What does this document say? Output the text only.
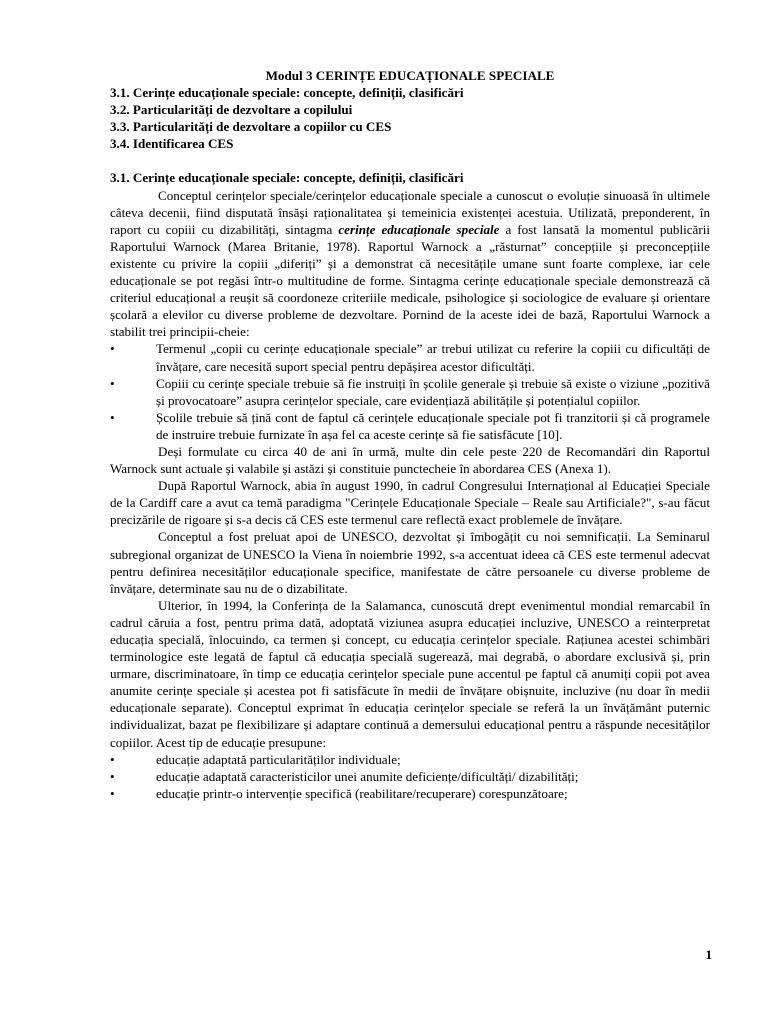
Modul 3 CERINȚE EDUCAȚIONALE SPECIALE

3.1. Cerințe educaționale speciale: concepte, definiții, clasificări

3.2. Particularități de dezvoltare a copilului

3.3. Particularități de dezvoltare a copiilor cu CES

3.4. Identificarea CES

3.1. Cerințe educaționale speciale: concepte, definiții, clasificări

Conceptul cerințelor speciale/cerințelor educaționale speciale a cunoscut o evoluție sinuoasă în ultimele câteva decenii, fiind disputată însăși raționalitatea și temeinicia existenței acestuia. Utilizată, preponderent, în raport cu copiii cu dizabilități, sintagma cerințe educaționale speciale a fost lansată la momentul publicării Raportului Warnock (Marea Britanie, 1978). Raportul Warnock a „răsturnat” concepțiile și preconcepțiile existente cu privire la copiii „diferiți” și a demonstrat că necesitățile umane sunt foarte complexe, iar cele educaționale se pot regăsi într-o multitudine de forme. Sintagma cerințe educaționale speciale demonstrează că criteriul educațional a reușit să coordoneze criteriile medicale, psihologice și sociologice de evaluare și orientare școlară a elevilor cu diverse probleme de dezvoltare. Pornind de la aceste idei de bază, Raportului Warnock a stabilit trei principii-cheie:

•	Termenul „copii cu cerințe educaționale speciale” ar trebui utilizat cu referire la copiii cu dificultăți de învățare, care necesită suport special pentru depășirea acestor dificultăți.
•	Copiii cu cerințe speciale trebuie să fie instruiți în școlile generale și trebuie să existe o viziune „pozitivă și provocatoare” asupra cerințelor speciale, care evidențiază abilitățile și potențialul copiilor.
•	Școlile trebuie să țină cont de faptul că cerințele educaționale speciale pot fi tranzitorii și că programele de instruire trebuie furnizate în așa fel ca aceste cerințe să fie satisfăcute [10].

Deși formulate cu circa 40 de ani în urmă, multe din cele peste 220 de Recomandări din Raportul Warnock sunt actuale și valabile și astăzi și constituie punctecheie în abordarea CES (Anexa 1).

După Raportul Warnock, abia în august 1990, în cadrul Congresului Internațional al Educației Speciale de la Cardiff care a avut ca temă paradigma "Cerințele Educaționale Speciale – Reale sau Artificiale?", s-au făcut precizările de rigoare și s-a decis că CES este termenul care reflectă exact problemele de învățare.

Conceptul a fost preluat apoi de UNESCO, dezvoltat și îmbogățit cu noi semnificații. La Seminarul subregional organizat de UNESCO la Viena în noiembrie 1992, s-a accentuat ideea că CES este termenul adecvat pentru definirea necesităților educaționale specifice, manifestate de către persoanele cu diverse probleme de învățare, determinate sau nu de o dizabilitate.

Ulterior, în 1994, la Conferința de la Salamanca, cunoscută drept evenimentul mondial remarcabil în cadrul căruia a fost, pentru prima dată, adoptată viziunea asupra educației incluzive, UNESCO a reinterpretat educația specială, înlocuindo, ca termen și concept, cu educația cerințelor speciale. Rațiunea acestei schimbări terminologice este legată de faptul că educația specială sugerează, mai degrabă, o abordare exclusivă și, prin urmare, discriminatoare, în timp ce educația cerințelor speciale pune accentul pe faptul că anumiți copii pot avea anumite cerințe speciale și acestea pot fi satisfăcute în medii de învățare obișnuite, incluzive (nu doar în medii educaționale separate). Conceptul exprimat în educația cerințelor speciale se referă la un învățământ puternic individualizat, bazat pe flexibilizare și adaptare continuă a demersului educațional pentru a răspunde necesităților copiilor. Acest tip de educație presupune:

•	educație adaptată particularităților individuale;
•	educație adaptată caracteristicilor unei anumite deficiențe/dificultăți/ dizabilități;
•	educație printr-o intervenție specifică (reabilitare/recuperare) corespunzătoare;
1
